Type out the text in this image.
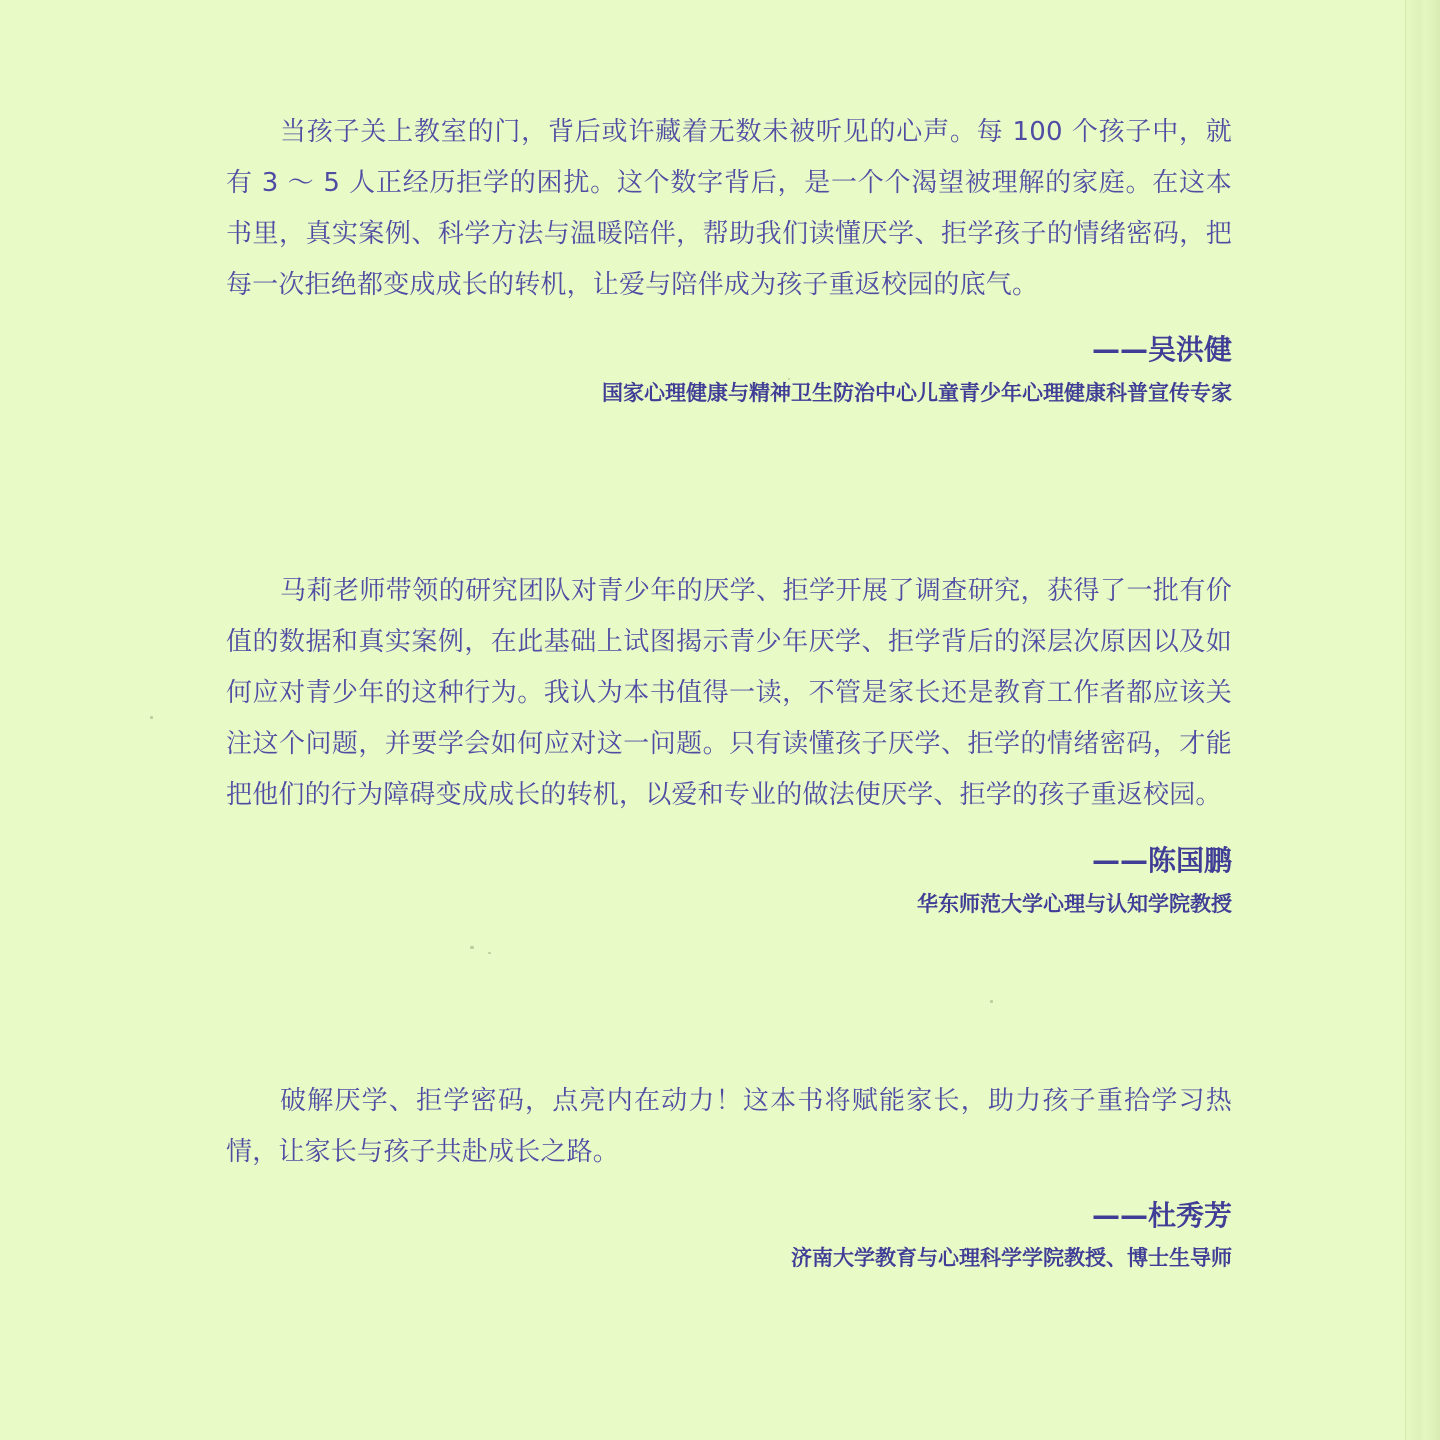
当孩子关上教室的门，背后或许藏着无数未被听见的心声。每 100 个孩子中，就有 3 ～ 5 人正经历拒学的困扰。这个数字背后，是一个个渴望被理解的家庭。在这本书里，真实案例、科学方法与温暖陪伴，帮助我们读懂厌学、拒学孩子的情绪密码，把每一次拒绝都变成成长的转机，让爱与陪伴成为孩子重返校园的底气。

——吴洪健
国家心理健康与精神卫生防治中心儿童青少年心理健康科普宣传专家

马莉老师带领的研究团队对青少年的厌学、拒学开展了调查研究，获得了一批有价值的数据和真实案例，在此基础上试图揭示青少年厌学、拒学背后的深层次原因以及如何应对青少年的这种行为。我认为本书值得一读，不管是家长还是教育工作者都应该关注这个问题，并要学会如何应对这一问题。只有读懂孩子厌学、拒学的情绪密码，才能把他们的行为障碍变成成长的转机，以爱和专业的做法使厌学、拒学的孩子重返校园。

——陈国鹏
华东师范大学心理与认知学院教授

破解厌学、拒学密码，点亮内在动力！这本书将赋能家长，助力孩子重拾学习热情，让家长与孩子共赴成长之路。

——杜秀芳
济南大学教育与心理科学学院教授、博士生导师
